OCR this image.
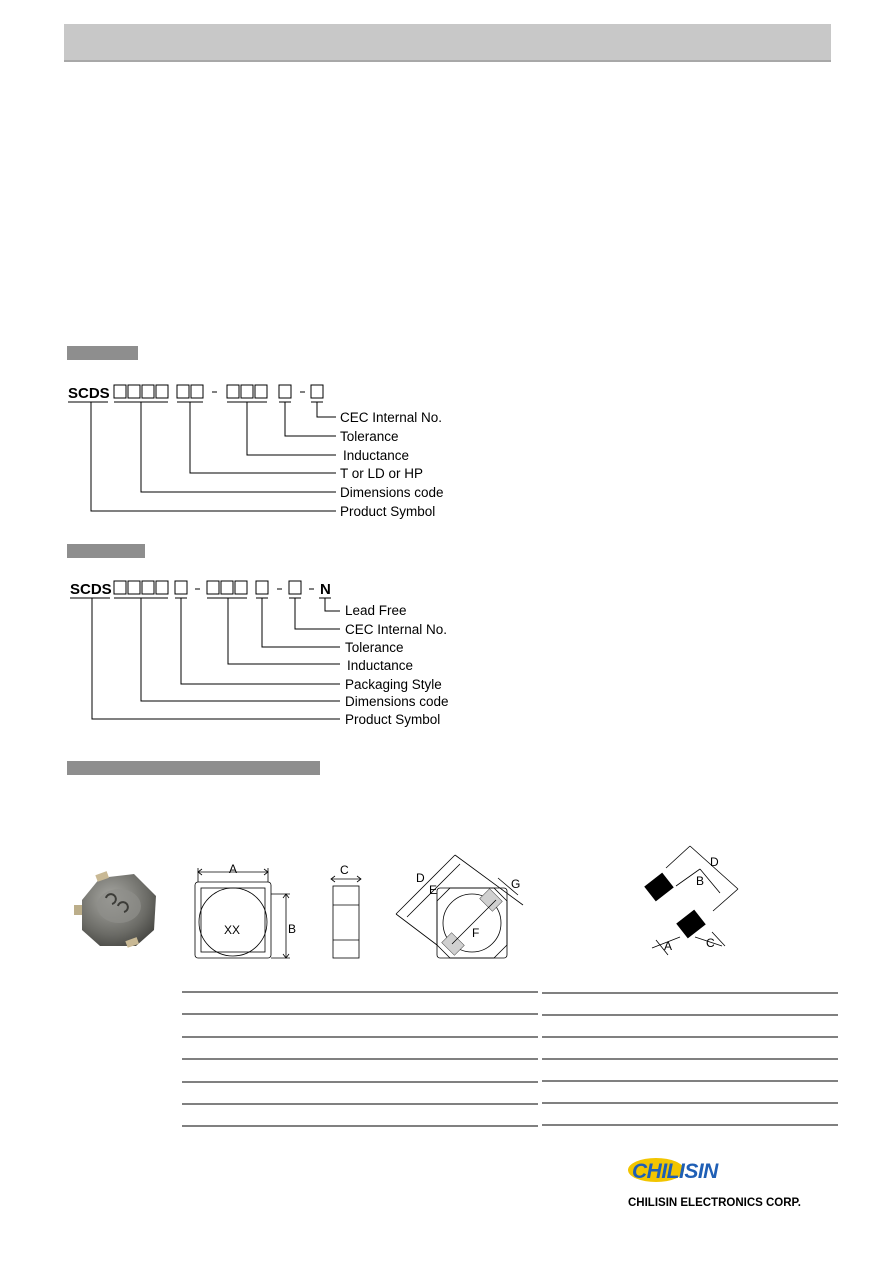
SCDS
CEC Internal No.
Tolerance
Inductance
T or LD or HP
Dimensions code
Product Symbol
SCDS	N
Lead Free
CEC Internal No.
Tolerance
Inductance
Packaging Style
Dimensions code
Product Symbol
A
B
XX
C
D
E
F
G
D
B
A	C
CHILISIN
CHILISIN ELECTRONICS CORP.
